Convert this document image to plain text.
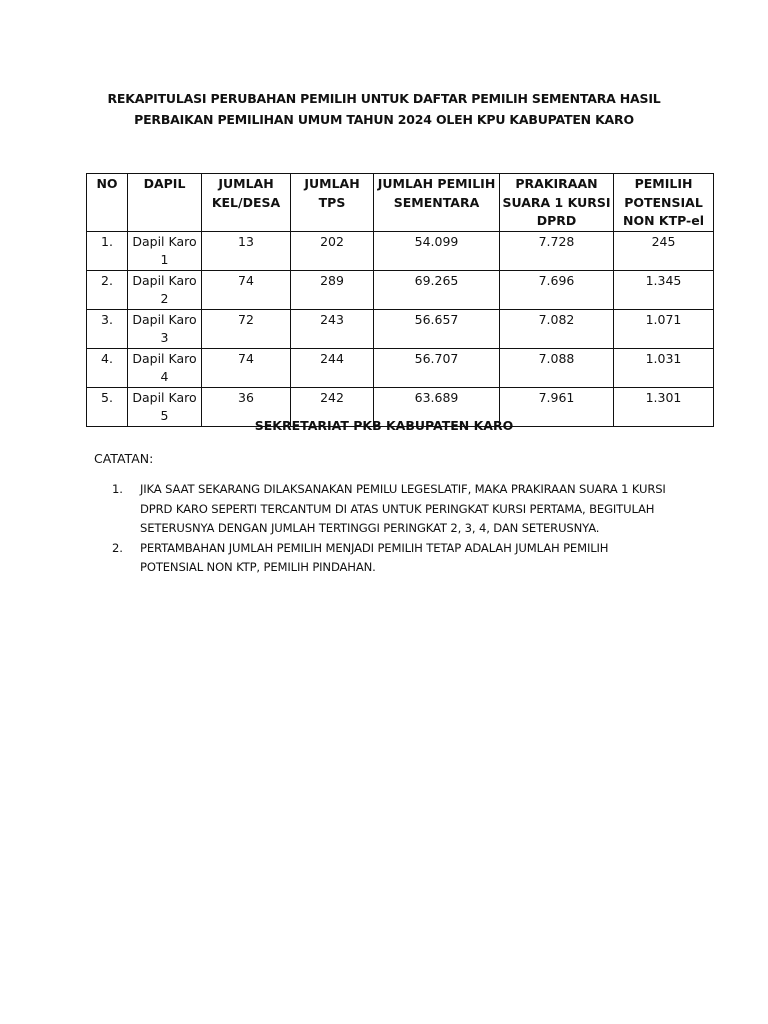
REKAPITULASI PERUBAHAN PEMILIH UNTUK DAFTAR PEMILIH SEMENTARA HASIL
PERBAIKAN PEMILIHAN UMUM TAHUN 2024 OLEH KPU KABUPATEN KARO
NO	DAPIL	JUMLAH KEL/DESA	JUMLAH TPS	JUMLAH PEMILIH SEMENTARA	PRAKIRAAN SUARA 1 KURSI DPRD	PEMILIH POTENSIAL NON KTP-el
1.	Dapil Karo 1	13	202	54.099	7.728	245
2.	Dapil Karo 2	74	289	69.265	7.696	1.345
3.	Dapil Karo 3	72	243	56.657	7.082	1.071
4.	Dapil Karo 4	74	244	56.707	7.088	1.031
5.	Dapil Karo 5	36	242	63.689	7.961	1.301
SEKRETARIAT PKB KABUPATEN KARO
CATATAN:
1. JIKA SAAT SEKARANG DILAKSANAKAN PEMILU LEGESLATIF, MAKA PRAKIRAAN SUARA 1 KURSI DPRD KARO SEPERTI TERCANTUM DI ATAS UNTUK PERINGKAT KURSI PERTAMA, BEGITULAH SETERUSNYA DENGAN JUMLAH TERTINGGI PERINGKAT 2, 3, 4, DAN SETERUSNYA.
2. PERTAMBAHAN JUMLAH PEMILIH MENJADI PEMILIH TETAP ADALAH JUMLAH PEMILIH POTENSIAL NON KTP, PEMILIH PINDAHAN.
